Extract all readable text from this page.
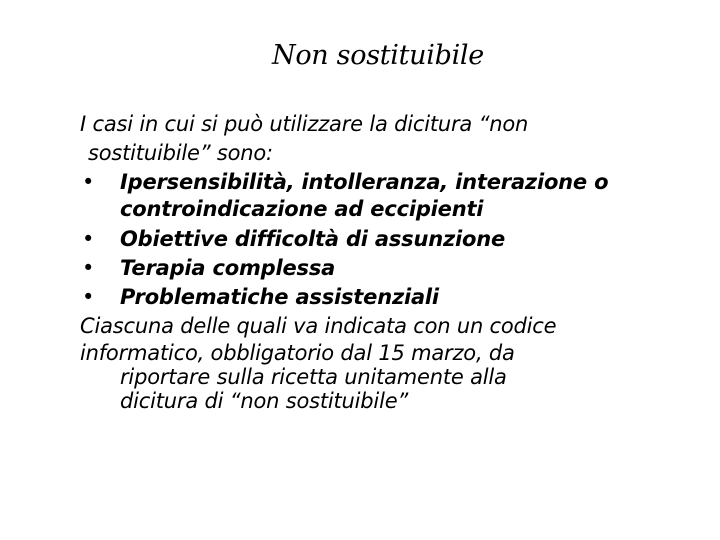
Non sostituibile
I casi in cui si può utilizzare la dicitura “non
sostituibile” sono:
• Ipersensibilità, intolleranza, interazione o
controindicazione ad eccipienti
• Obiettive difficoltà di assunzione
• Terapia complessa
• Problematiche assistenziali
Ciascuna delle quali va indicata con un codice
informatico, obbligatorio dal 15 marzo, da
riportare sulla ricetta unitamente alla
dicitura di “non sostituibile”
